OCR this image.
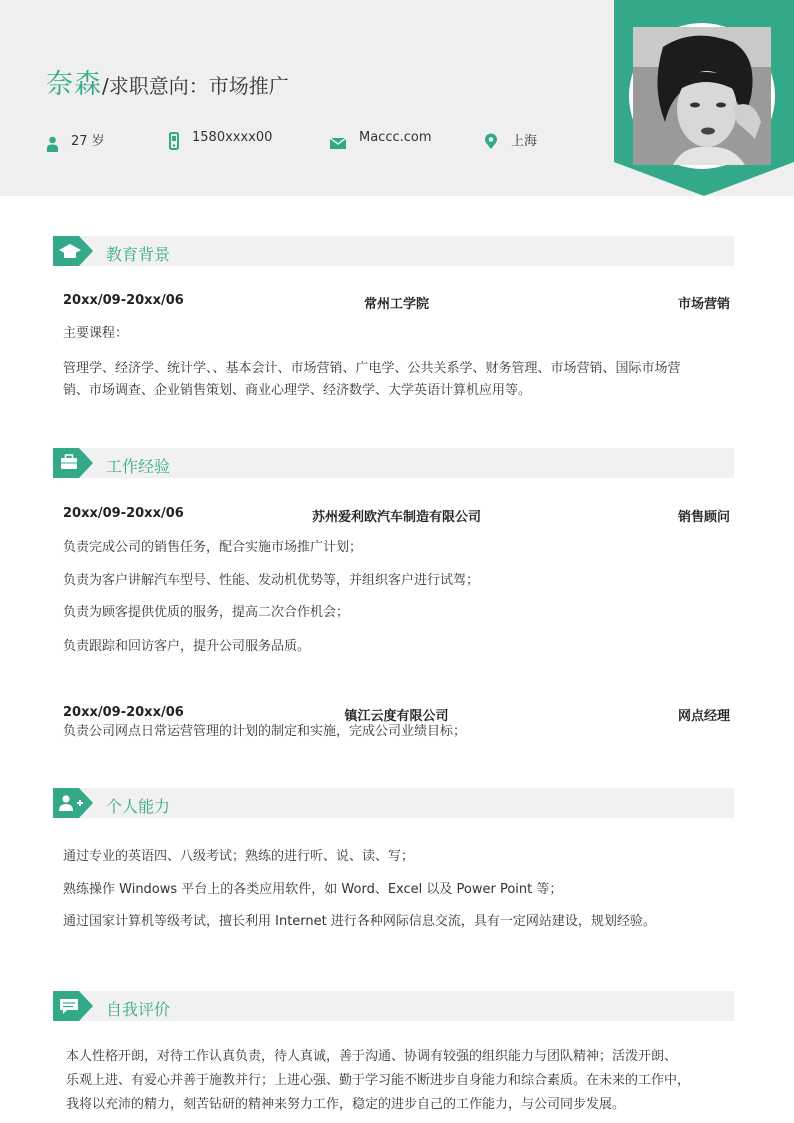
奈森/求职意向：市场推广
27 岁	1580xxxx00	Maccc.com	上海
教育背景
20xx/09-20xx/06	常州工学院	市场营销
主要课程：
管理学、经济学、统计学、、基本会计、市场营销、广电学、公共关系学、财务管理、市场营销、国际市场营
销、市场调查、企业销售策划、商业心理学、经济数学、大学英语计算机应用等。
工作经验
20xx/09-20xx/06	苏州爱利欧汽车制造有限公司	销售顾问
负责完成公司的销售任务，配合实施市场推广计划；
负责为客户讲解汽车型号、性能、发动机优势等，并组织客户进行试驾；
负责为顾客提供优质的服务，提高二次合作机会；
负责跟踪和回访客户，提升公司服务品质。
20xx/09-20xx/06	镇江云度有限公司	网点经理
负责公司网点日常运营管理的计划的制定和实施，完成公司业绩目标；
个人能力
通过专业的英语四、八级考试；熟练的进行听、说、读、写；
熟练操作 Windows 平台上的各类应用软件，如 Word、Excel 以及 Power Point 等；
通过国家计算机等级考试，擅长利用 Internet 进行各种网际信息交流，具有一定网站建设，规划经验。
自我评价
本人性格开朗，对待工作认真负责，待人真诚，善于沟通、协调有较强的组织能力与团队精神；活泼开朗、
乐观上进、有爱心并善于施教并行；上进心强、勤于学习能不断进步自身能力和综合素质。在未来的工作中，
我将以充沛的精力，刻苦钻研的精神来努力工作，稳定的进步自己的工作能力，与公司同步发展。
